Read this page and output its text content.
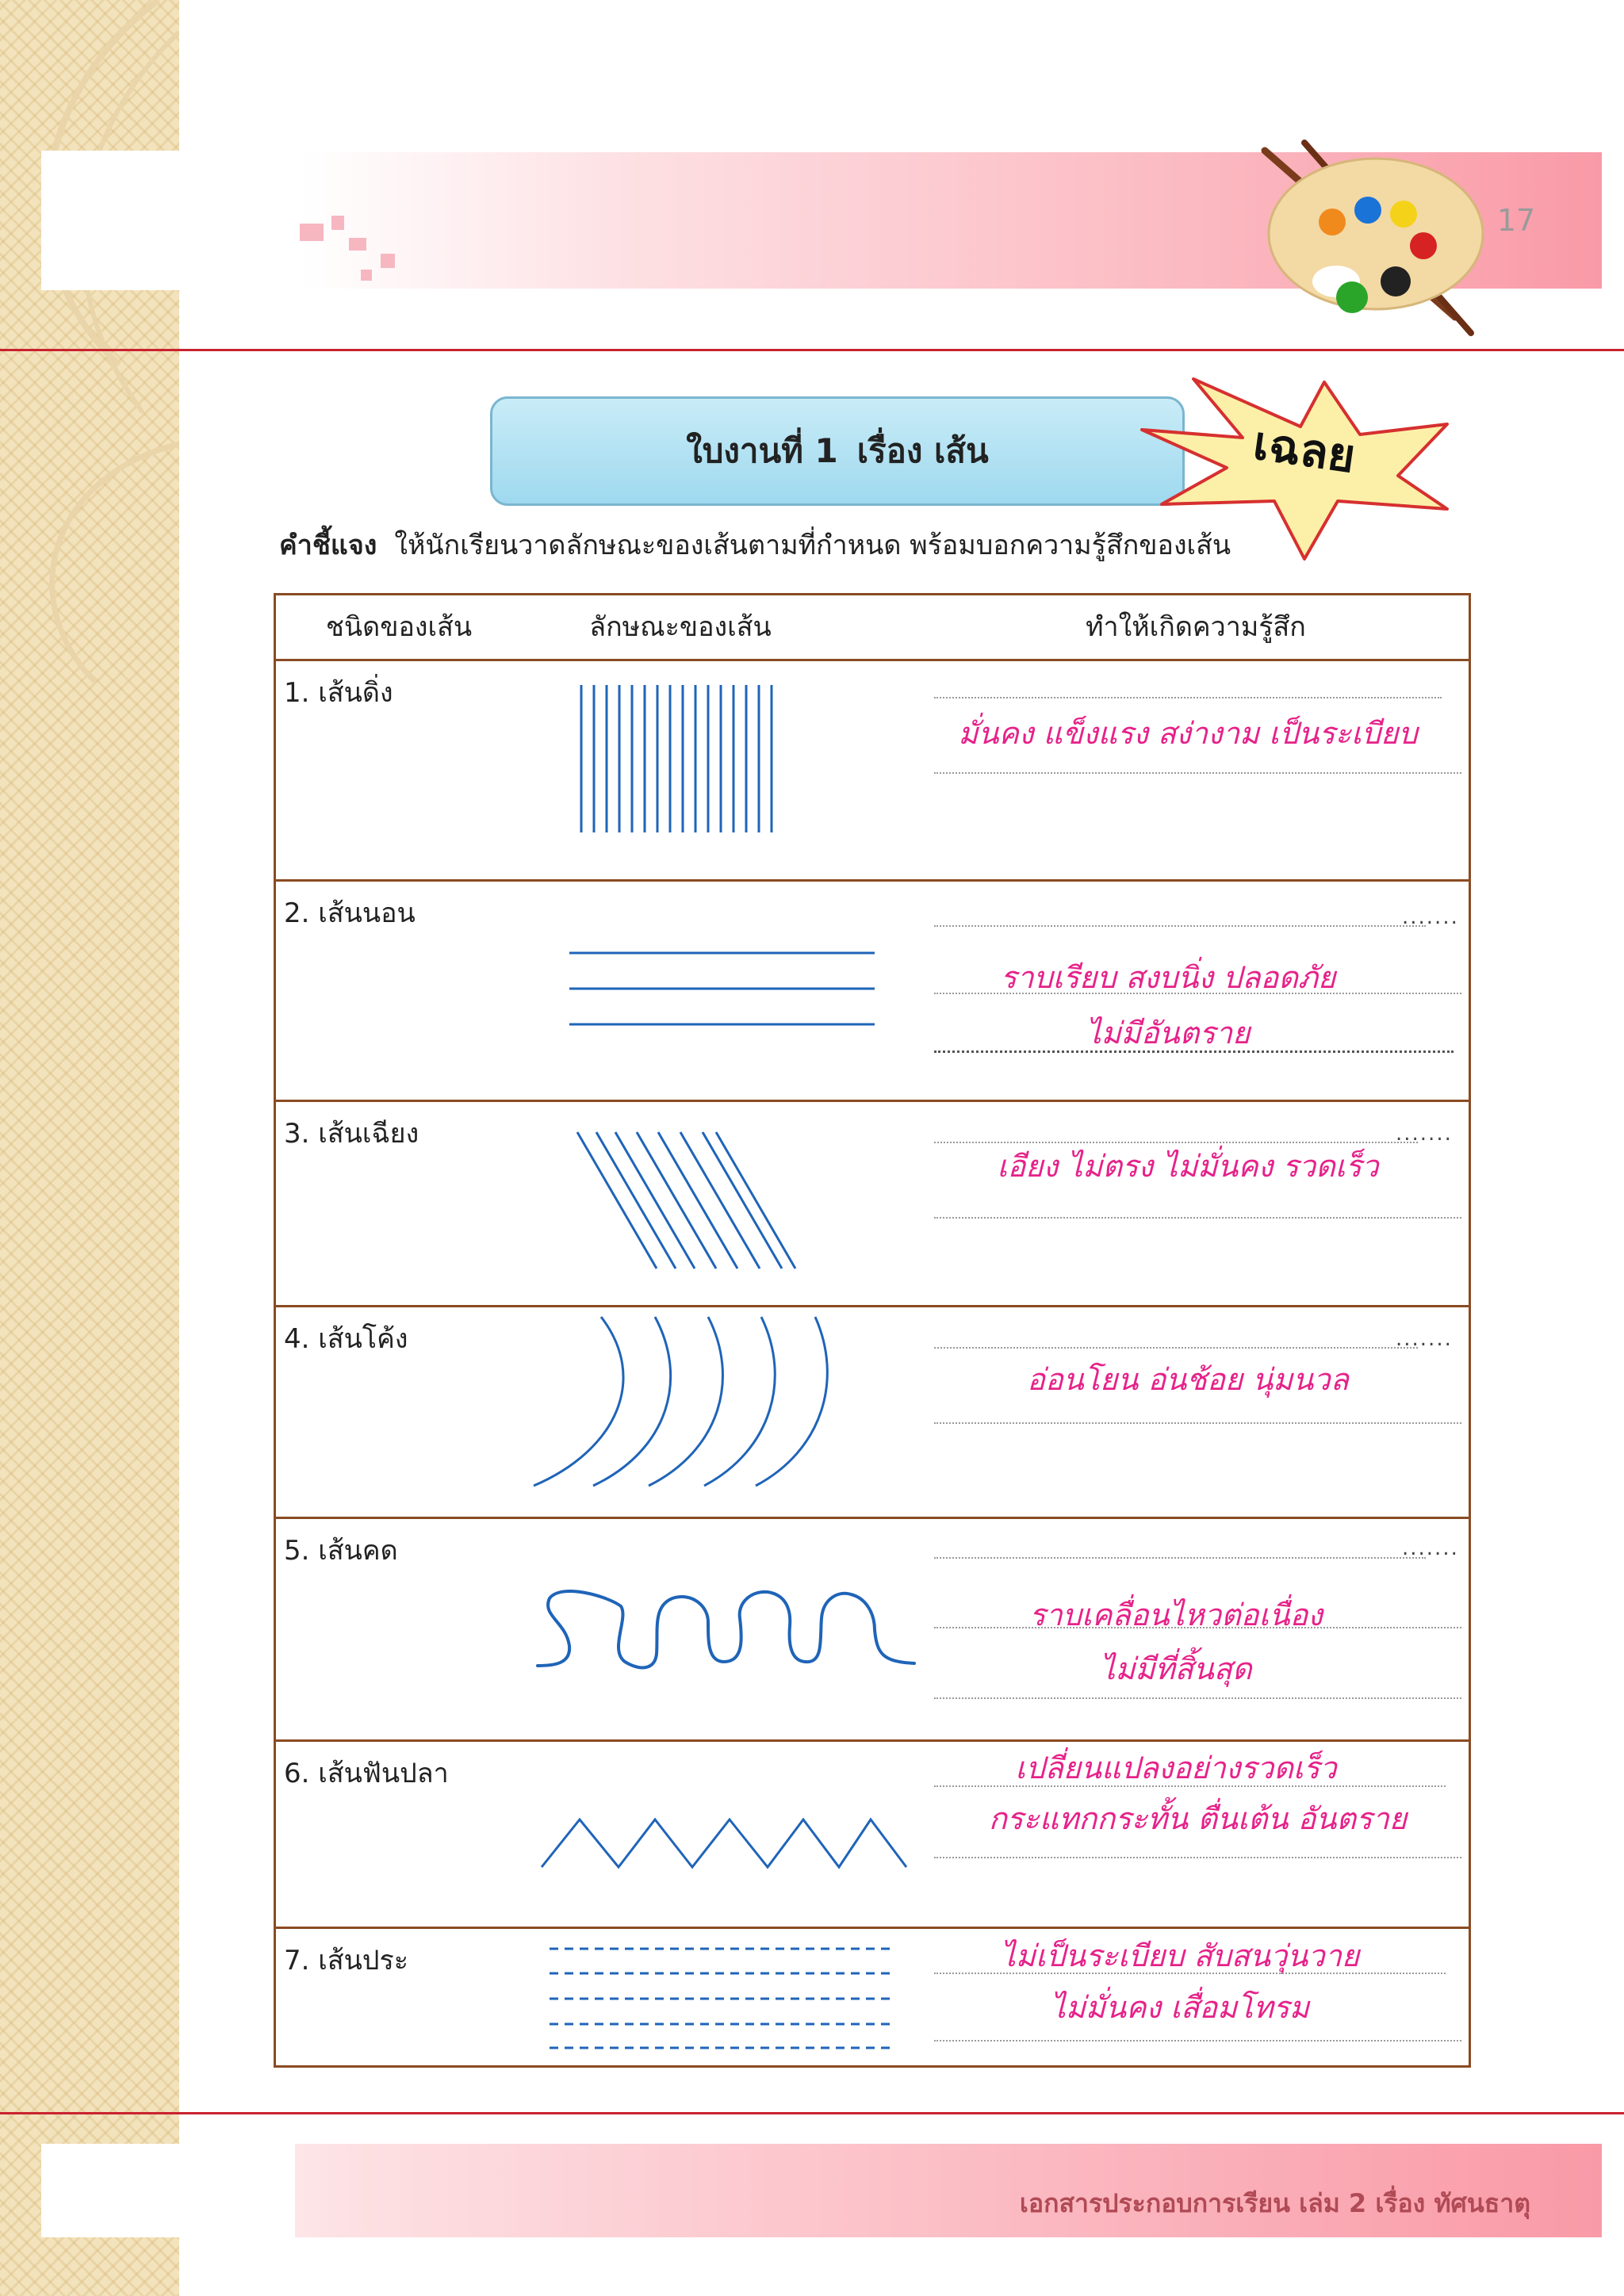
17
ใบงานที่ 1 เรื่อง เส้น	เฉลย
คำชี้แจง ให้นักเรียนวาดลักษณะของเส้นตามที่กำหนด พร้อมบอกความรู้สึกของเส้น
ชนิดของเส้น	ลักษณะของเส้น	ทำให้เกิดความรู้สึก
1. เส้นดิ่ง
มั่นคง แข็งแรง สง่างาม เป็นระเบียบ
2. เส้นนอน	.......
ราบเรียบ สงบนิ่ง ปลอดภัย
ไม่มีอันตราย
3. เส้นเฉียง	.......
เอียง ไม่ตรง ไม่มั่นคง รวดเร็ว
4. เส้นโค้ง	.......
อ่อนโยน อ่นช้อย นุ่มนวล
5. เส้นคด	.......
ราบเคลื่อนไหวต่อเนื่อง
ไม่มีที่สิ้นสุด
6. เส้นฟันปลา	เปลี่ยนแปลงอย่างรวดเร็ว
กระแทกกระทั้น ตื่นเต้น อันตราย
7. เส้นประ	ไม่เป็นระเบียบ สับสนวุ่นวาย
ไม่มั่นคง เสื่อมโทรม
เอกสารประกอบการเรียน เล่ม 2 เรื่อง ทัศนธาตุ
